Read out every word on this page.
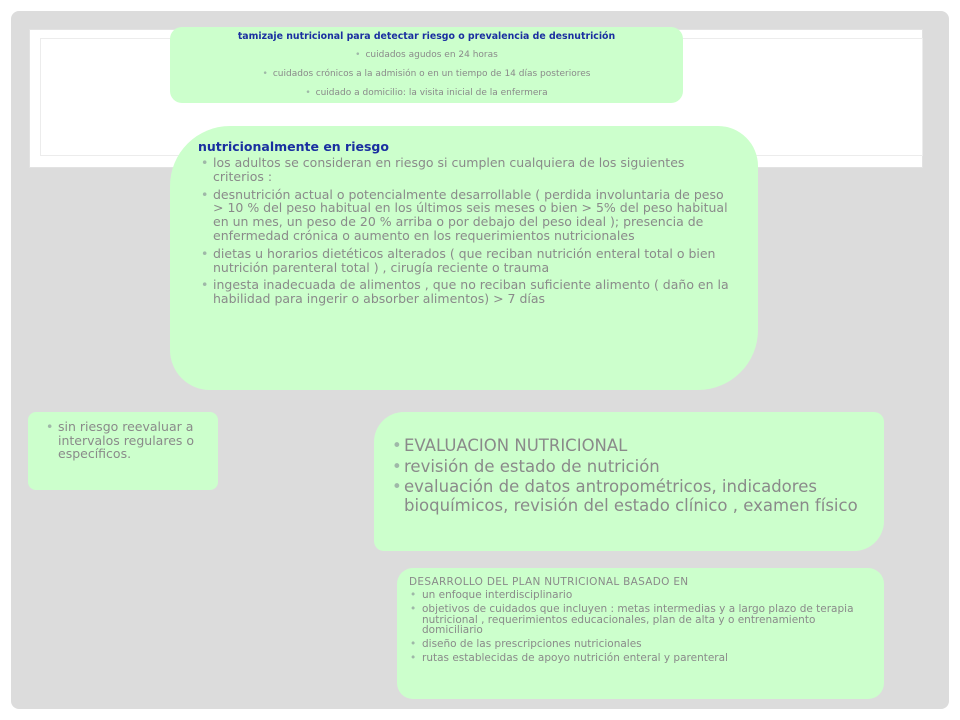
tamizaje nutricional para detectar riesgo o prevalencia de desnutrición
• cuidados agudos en 24 horas
• cuidados crónicos a la admisión o en un tiempo de 14 días posteriores
• cuidado a domicilio: la visita inicial de la enfermera
nutricionalmente en riesgo
• los adultos se consideran en riesgo si cumplen cualquiera de los siguientes criterios :
• desnutrición actual o potencialmente desarrollable ( perdida involuntaria de peso > 10 % del peso habitual en los últimos seis meses o bien > 5% del peso habitual en un mes, un peso de 20 % arriba o por debajo del peso ideal ); presencia de enfermedad crónica o aumento en los requerimientos nutricionales
• dietas u horarios dietéticos alterados ( que reciban nutrición enteral total o bien nutrición parenteral total ) , cirugía reciente o trauma
• ingesta inadecuada de alimentos , que no reciban suficiente alimento ( daño en la habilidad para ingerir o absorber alimentos) > 7 días
• sin riesgo reevaluar a intervalos regulares o específicos.
•	EVALUACION NUTRICIONAL
• revisión de estado de nutrición
• evaluación de datos antropométricos, indicadores bioquímicos, revisión del estado clínico , examen físico
DESARROLLO DEL PLAN NUTRICIONAL BASADO EN
• un enfoque interdisciplinario
• objetivos de cuidados que incluyen : metas intermedias y a largo plazo de terapia nutricional , requerimientos educacionales, plan de alta y o entrenamiento domiciliario
• diseño de las prescripciones nutricionales
• rutas establecidas de apoyo nutrición enteral y parenteral
